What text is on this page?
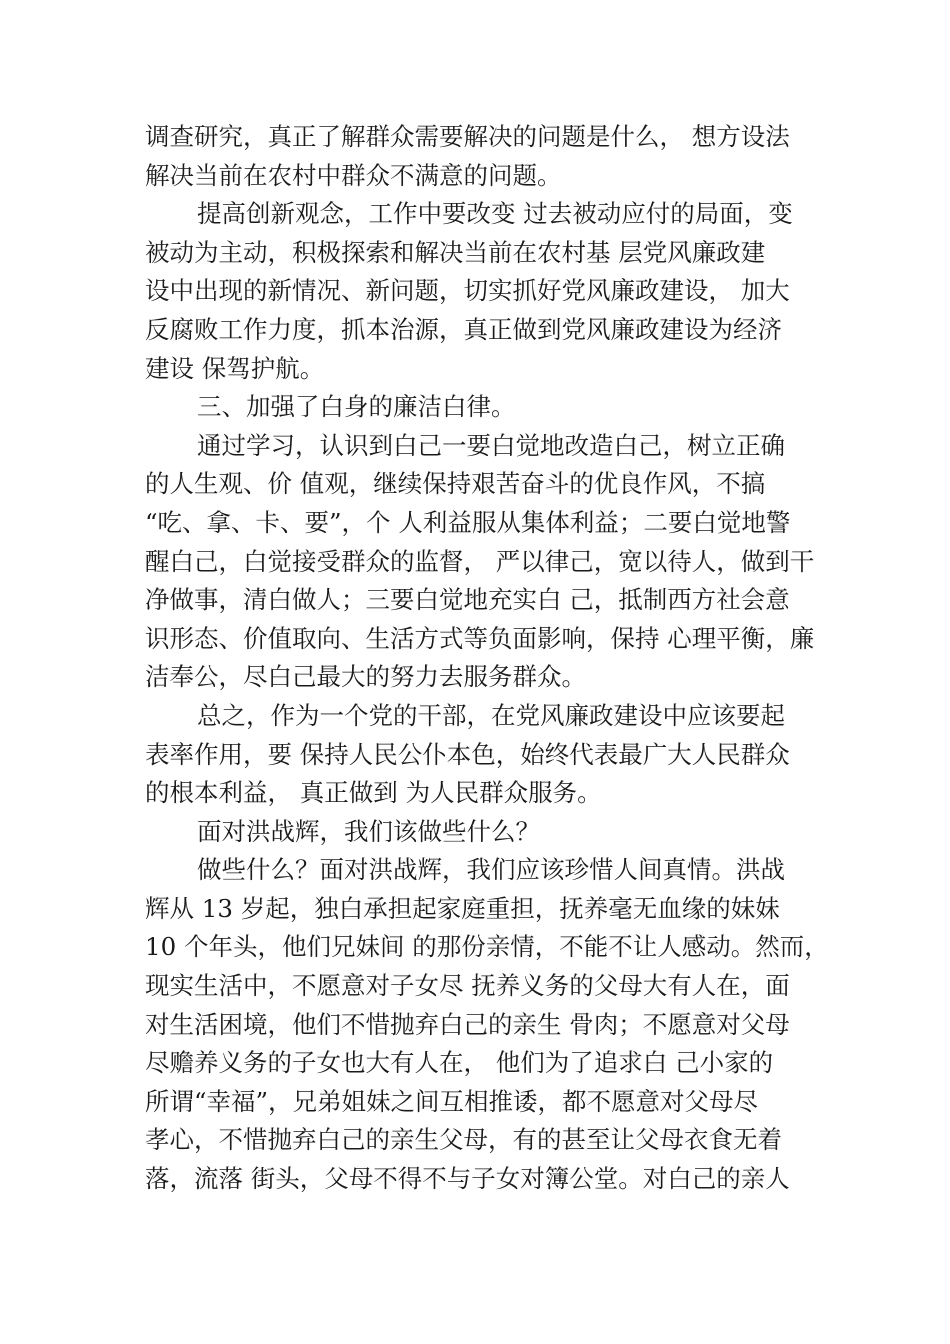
调查研究，真正了解群众需要解决的问题是什么， 想方设法
解决当前在农村中群众不满意的问题。
提高创新观念，工作中要改变 过去被动应付的局面，变
被动为主动，积极探索和解决当前在农村基 层党风廉政建
设中出现的新情况、新问题，切实抓好党风廉政建设， 加大
反腐败工作力度，抓本治源，真正做到党风廉政建设为经济
建设 保驾护航。
三、加强了白身的廉洁白律。
通过学习，认识到白己一要白觉地改造白己，树立正确
的人生观、价 值观，继续保持艰苦奋斗的优良作风，不搞
“吃、拿、卡、要”，个 人利益服从集体利益；二要白觉地警
醒白己，白觉接受群众的监督， 严以律己，宽以待人，做到干
净做事，清白做人；三要白觉地充实白 己，抵制西方社会意
识形态、价值取向、生活方式等负面影响，保持 心理平衡，廉
洁奉公，尽白己最大的努力去服务群众。
总之，作为一个党的干部，在党风廉政建设中应该要起
表率作用，要 保持人民公仆本色，始终代表最广大人民群众
的根本利益， 真正做到 为人民群众服务。
面对洪战辉，我们该做些什么？
做些什么？面对洪战辉，我们应该珍惜人间真情。洪战
辉从 13 岁起，独白承担起家庭重担，抚养毫无血缘的妹妹
10 个年头，他们兄妹间 的那份亲情，不能不让人感动。然而，
现实生活中，不愿意对子女尽 抚养义务的父母大有人在，面
对生活困境，他们不惜抛弃白己的亲生 骨肉；不愿意对父母
尽赡养义务的子女也大有人在， 他们为了追求白 己小家的
所谓“幸福”，兄弟姐妹之间互相推诿，都不愿意对父母尽
孝心，不惜抛弃白己的亲生父母，有的甚至让父母衣食无着
落，流落 街头，父母不得不与子女对簿公堂。对白己的亲人
